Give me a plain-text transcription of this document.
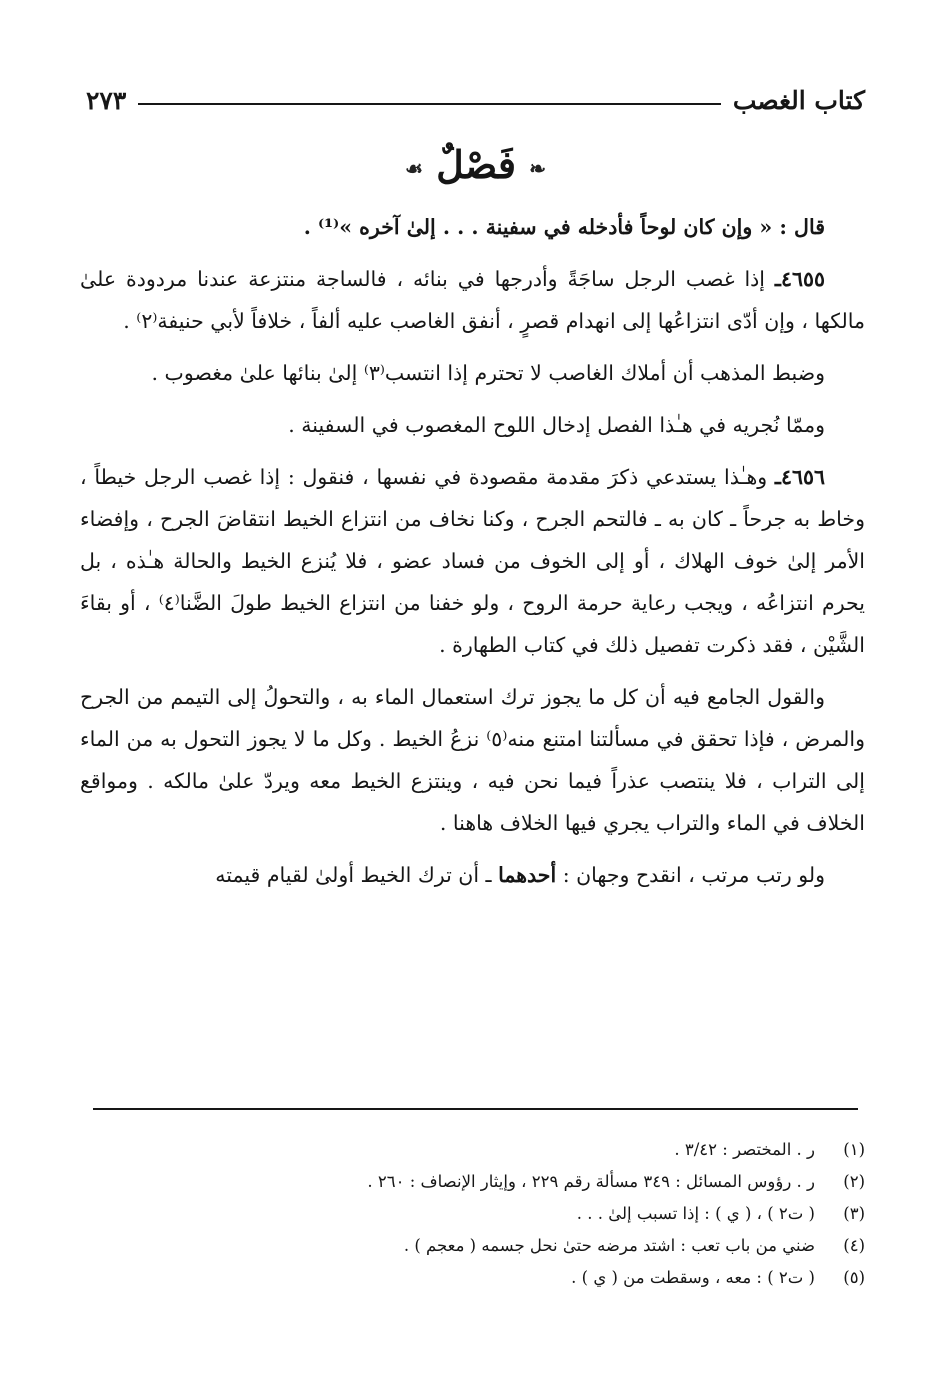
كتاب الغصب
٢٧٣
❧ فَصْلٌ ☙

قال : « وإن كان لوحاً فأدخله في سفينة . . . إلىٰ آخره »⁽¹⁾ .

٤٦٥٥ـ إذا غصب الرجل ساجَةً وأدرجها في بنائه ، فالساجة منتزعة عندنا مردودة علىٰ مالكها ، وإن أدّى انتزاعُها إلى انهدام قصرٍ ، أنفق الغاصب عليه ألفاً ، خلافاً لأبي حنيفة⁽٢⁾ .

وضبط المذهب أن أملاك الغاصب لا تحترم إذا انتسب⁽٣⁾ إلىٰ بنائها علىٰ مغصوب .

وممّا نُجريه في هـٰذا الفصل إدخال اللوح المغصوب في السفينة .

٤٦٥٦ـ وهـٰذا يستدعي ذكرَ مقدمة مقصودة في نفسها ، فنقول : إذا غصب الرجل خيطاً ، وخاط به جرحاً ـ كان به ـ فالتحم الجرح ، وكنا نخاف من انتزاع الخيط انتقاضَ الجرح ، وإفضاء الأمر إلىٰ خوف الهلاك ، أو إلى الخوف من فساد عضو ، فلا يُنزع الخيط والحالة هـٰذه ، بل يحرم انتزاعُه ، ويجب رعاية حرمة الروح ، ولو خفنا من انتزاع الخيط طولَ الضَّنا⁽٤⁾ ، أو بقاءَ الشَّيْن ، فقد ذكرت تفصيل ذلك في كتاب الطهارة .

والقول الجامع فيه أن كل ما يجوز ترك استعمال الماء به ، والتحولُ إلى التيمم من الجرح والمرض ، فإذا تحقق في مسألتنا امتنع منه⁽٥⁾ نزعُ الخيط . وكل ما لا يجوز التحول به من الماء إلى التراب ، فلا ينتصب عذراً فيما نحن فيه ، وينتزع الخيط معه ويردّ علىٰ مالكه . ومواقع الخلاف في الماء والتراب يجري فيها الخلاف هاهنا .

ولو رتب مرتب ، انقدح وجهان : أحدهما ـ أن ترك الخيط أولىٰ لقيام قيمته

(١)
ر . المختصر : ٣/٤٢ .
(٢)
ر . رؤوس المسائل : ٣٤٩ مسألة رقم ٢٢٩ ، وإيثار الإنصاف : ٢٦٠ .
(٣)
( ت٢ ) ، ( ي ) : إذا تسبب إلىٰ . . .
(٤)
ضني من باب تعب : اشتد مرضه حتىٰ نحل جسمه ( معجم ) .
(٥)
( ت٢ ) : معه ، وسقطت من ( ي ) .
